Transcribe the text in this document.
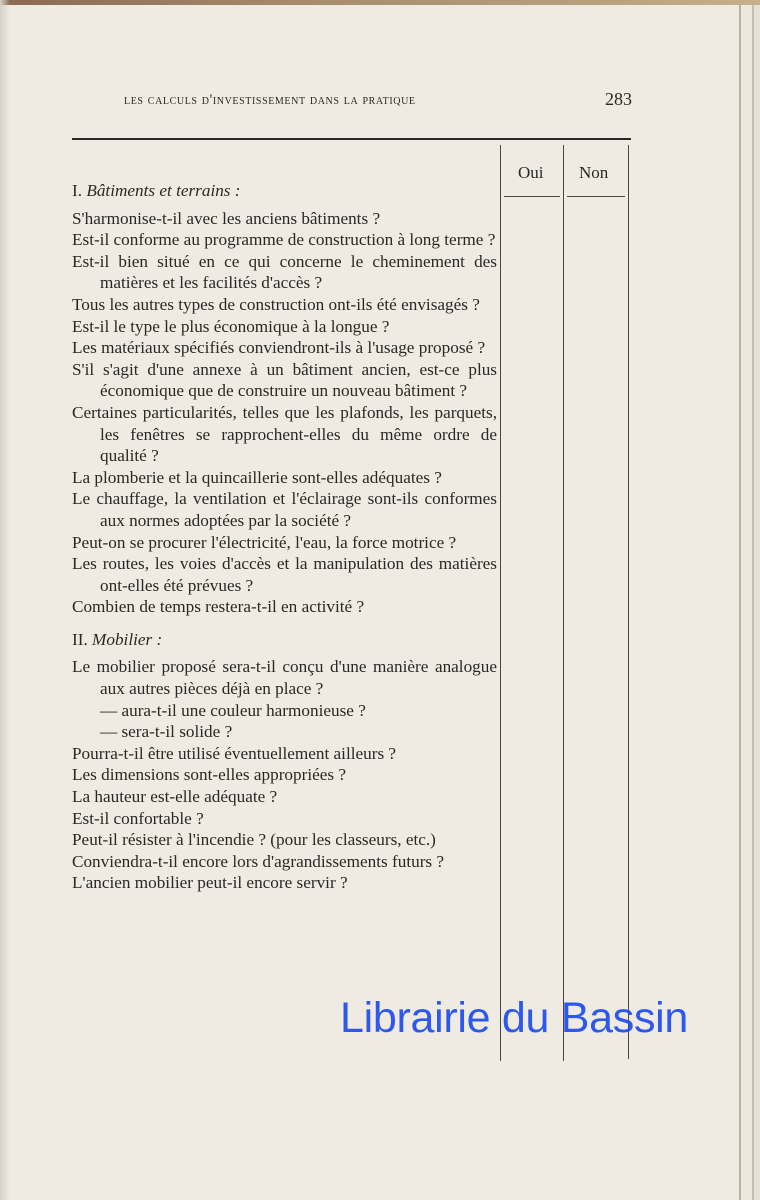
les calculs d'investissement dans la pratique	283
Oui Non

I. Bâtiments et terrains :

S'harmonise-t-il avec les anciens bâtiments ?

Est-il conforme au programme de construction à long terme ?

Est-il bien situé en ce qui concerne le cheminement des matières et les facilités d'accès ?

Tous les autres types de construction ont-ils été envisagés ?

Est-il le type le plus économique à la longue ?

Les matériaux spécifiés conviendront-ils à l'usage proposé ?

S'il s'agit d'une annexe à un bâtiment ancien, est-ce plus économique que de construire un nouveau bâtiment ?

Certaines particularités, telles que les plafonds, les parquets, les fenêtres se rapprochent-elles du même ordre de qualité ?

La plomberie et la quincaillerie sont-elles adéquates ?

Le chauffage, la ventilation et l'éclairage sont-ils conformes aux normes adoptées par la société ?

Peut-on se procurer l'électricité, l'eau, la force motrice ?

Les routes, les voies d'accès et la manipulation des matières ont-elles été prévues ?

Combien de temps restera-t-il en activité ?

II. Mobilier :

Le mobilier proposé sera-t-il conçu d'une manière analogue aux autres pièces déjà en place ?

— aura-t-il une couleur harmonieuse ?

— sera-t-il solide ?

Pourra-t-il être utilisé éventuellement ailleurs ?

Les dimensions sont-elles appropriées ?

La hauteur est-elle adéquate ?

Est-il confortable ?

Peut-il résister à l'incendie ? (pour les classeurs, etc.)

Conviendra-t-il encore lors d'agrandissements futurs ?

L'ancien mobilier peut-il encore servir ?

Librairie du Bassin
